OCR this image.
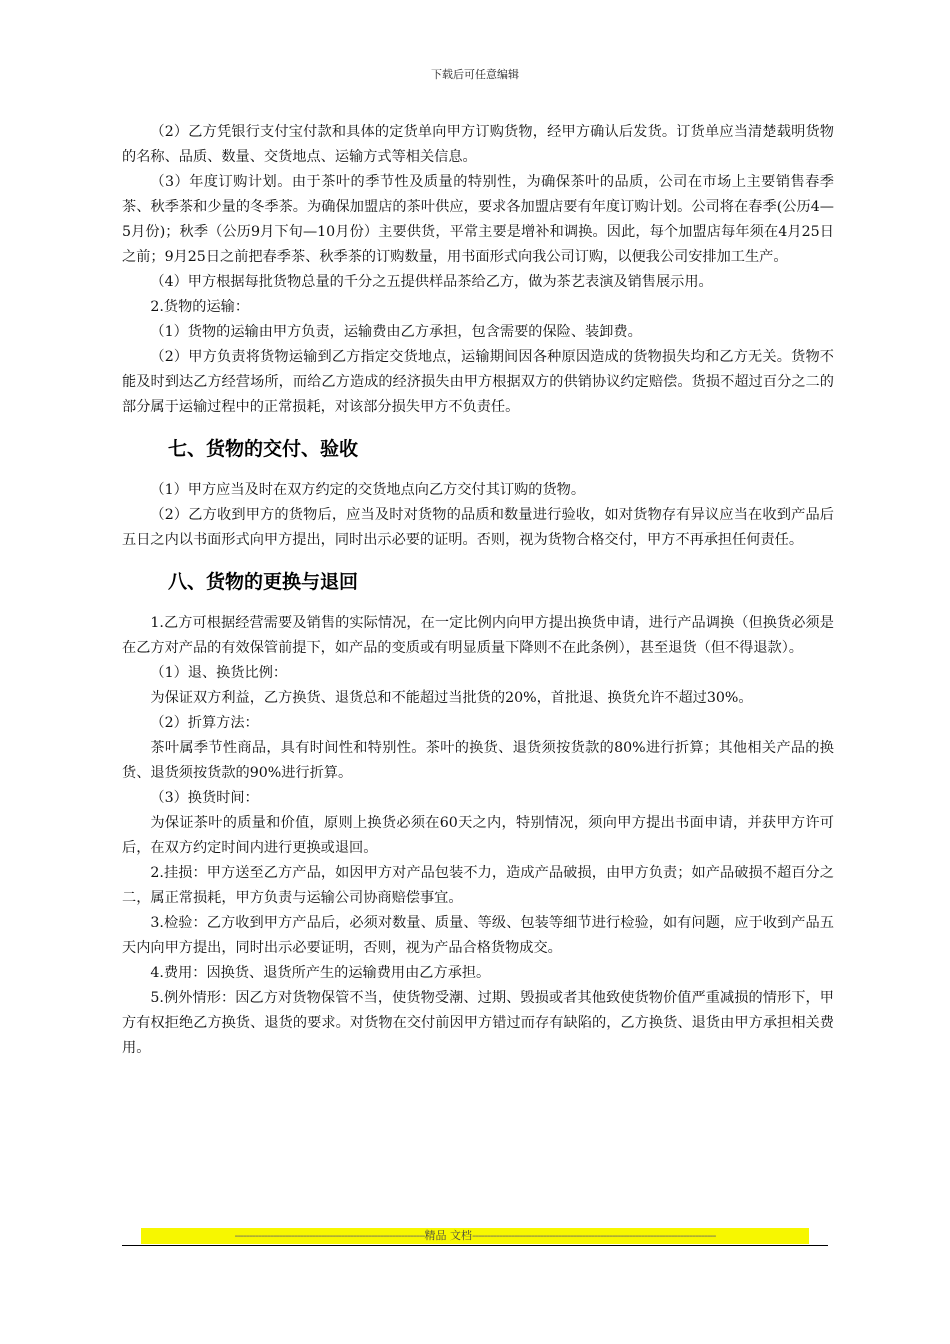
下载后可任意编辑

（2）乙方凭银行支付宝付款和具体的定货单向甲方订购货物，经甲方确认后发货。订货单应当清楚载明货物的名称、品质、数量、交货地点、运输方式等相关信息。

（3）年度订购计划。由于茶叶的季节性及质量的特别性，为确保茶叶的品质，公司在市场上主要销售春季茶、秋季茶和少量的冬季茶。为确保加盟店的茶叶供应，要求各加盟店要有年度订购计划。公司将在春季(公历4—5月份)；秋季（公历9月下旬—10月份）主要供货，平常主要是增补和调换。因此，每个加盟店每年须在4月25日之前；9月25日之前把春季茶、秋季茶的订购数量，用书面形式向我公司订购，以便我公司安排加工生产。

（4）甲方根据每批货物总量的千分之五提供样品茶给乙方，做为茶艺表演及销售展示用。

2.货物的运输：

（1）货物的运输由甲方负责，运输费由乙方承担，包含需要的保险、装卸费。

（2）甲方负责将货物运输到乙方指定交货地点，运输期间因各种原因造成的货物损失均和乙方无关。货物不能及时到达乙方经营场所，而给乙方造成的经济损失由甲方根据双方的供销协议约定赔偿。货损不超过百分之二的部分属于运输过程中的正常损耗，对该部分损失甲方不负责任。

七、货物的交付、验收

（1）甲方应当及时在双方约定的交货地点向乙方交付其订购的货物。

（2）乙方收到甲方的货物后，应当及时对货物的品质和数量进行验收，如对货物存有异议应当在收到产品后五日之内以书面形式向甲方提出，同时出示必要的证明。否则，视为货物合格交付，甲方不再承担任何责任。

八、货物的更换与退回

1.乙方可根据经营需要及销售的实际情况，在一定比例内向甲方提出换货申请，进行产品调换（但换货必须是在乙方对产品的有效保管前提下，如产品的变质或有明显质量下降则不在此条例），甚至退货（但不得退款）。

（1）退、换货比例：

为保证双方利益，乙方换货、退货总和不能超过当批货的20%，首批退、换货允许不超过30%。

（2）折算方法：

茶叶属季节性商品，具有时间性和特别性。茶叶的换货、退货须按货款的80%进行折算；其他相关产品的换货、退货须按货款的90%进行折算。

（3）换货时间：

为保证茶叶的质量和价值，原则上换货必须在60天之内，特别情况，须向甲方提出书面申请，并获甲方许可后，在双方约定时间内进行更换或退回。

2.挂损：甲方送至乙方产品，如因甲方对产品包装不力，造成产品破损，由甲方负责；如产品破损不超百分之二，属正常损耗，甲方负责与运输公司协商赔偿事宜。

3.检验：乙方收到甲方产品后，必须对数量、质量、等级、包装等细节进行检验，如有问题，应于收到产品五天内向甲方提出，同时出示必要证明，否则，视为产品合格货物成交。

4.费用：因换货、退货所产生的运输费用由乙方承担。

5.例外情形：因乙方对货物保管不当，使货物受潮、过期、毁损或者其他致使货物价值严重减损的情形下，甲方有权拒绝乙方换货、退货的要求。对货物在交付前因甲方错过而存有缺陷的，乙方换货、退货由甲方承担相关费用。

----------------------------------------------------------------精品 文档----------------------------------------------------------------------------------
